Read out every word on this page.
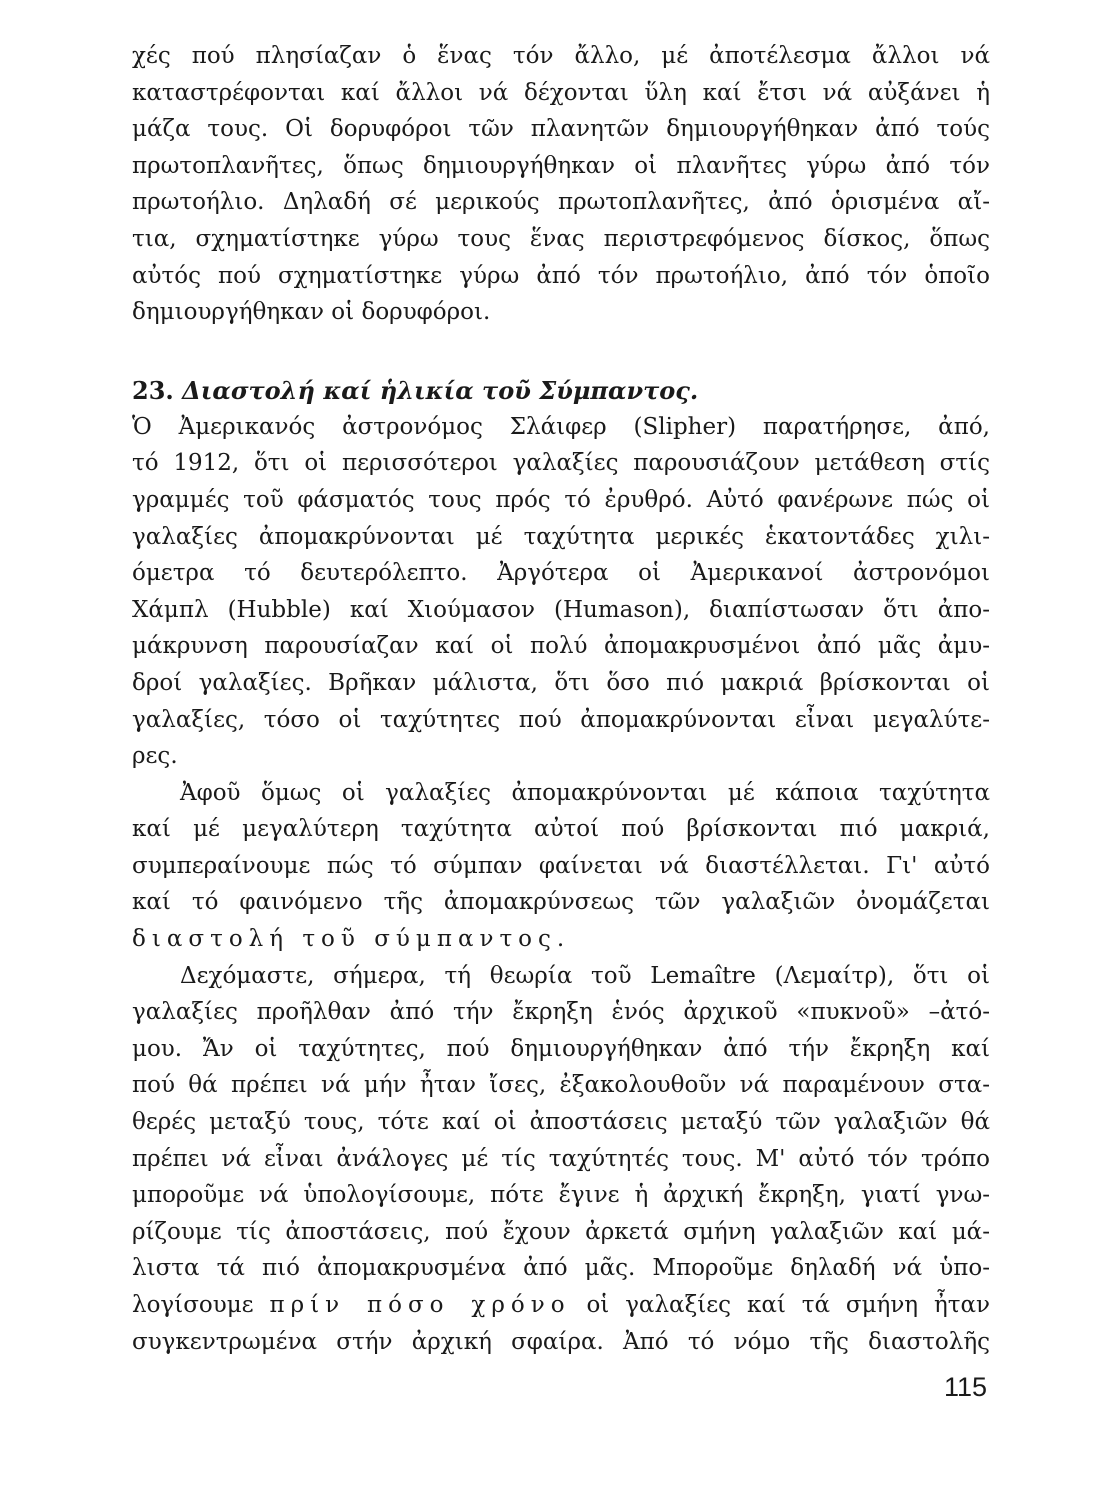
χές πού πλησίαζαν ὁ ἕνας τόν ἄλλο, μέ ἀποτέλεσμα ἄλλοι νά
καταστρέφονται καί ἄλλοι νά δέχονται ὕλη καί ἔτσι νά αὐξάνει ἡ
μάζα τους. Οἱ δορυφόροι τῶν πλανητῶν δημιουργήθηκαν ἀπό τούς
πρωτοπλανῆτες, ὅπως δημιουργήθηκαν οἱ πλανῆτες γύρω ἀπό τόν
πρωτοήλιο. Δηλαδή σέ μερικούς πρωτοπλανῆτες, ἀπό ὁρισμένα αἴ-
τια, σχηματίστηκε γύρω τους ἕνας περιστρεφόμενος δίσκος, ὅπως
αὐτός πού σχηματίστηκε γύρω ἀπό τόν πρωτοήλιο, ἀπό τόν ὁποῖο
δημιουργήθηκαν οἱ δορυφόροι.

23. Διαστολή καί ἡλικία τοῦ Σύμπαντος.

Ὁ Ἀμερικανός ἀστρονόμος Σλάιφερ (Slipher) παρατήρησε, ἀπό,
τό 1912, ὅτι οἱ περισσότεροι γαλαξίες παρουσιάζουν μετάθεση στίς
γραμμές τοῦ φάσματός τους πρός τό ἐρυθρό. Αὐτό φανέρωνε πώς οἱ
γαλαξίες ἀπομακρύνονται μέ ταχύτητα μερικές ἑκατοντάδες χιλι-
όμετρα τό δευτερόλεπτο. Ἀργότερα οἱ Ἀμερικανοί ἀστρονόμοι
Χάμπλ (Hubble) καί Χιούμασον (Humason), διαπίστωσαν ὅτι ἀπο-
μάκρυνση παρουσίαζαν καί οἱ πολύ ἀπομακρυσμένοι ἀπό μᾶς ἀμυ-
δροί γαλαξίες. Βρῆκαν μάλιστα, ὅτι ὅσο πιό μακριά βρίσκονται οἱ
γαλαξίες, τόσο οἱ ταχύτητες πού ἀπομακρύνονται εἶναι μεγαλύτε-
ρες.

Ἀφοῦ ὅμως οἱ γαλαξίες ἀπομακρύνονται μέ κάποια ταχύτητα
καί μέ μεγαλύτερη ταχύτητα αὐτοί πού βρίσκονται πιό μακριά,
συμπεραίνουμε πώς τό σύμπαν φαίνεται νά διαστέλλεται. Γι' αὐτό
καί τό φαινόμενο τῆς ἀπομακρύνσεως τῶν γαλαξιῶν ὀνομάζεται
διαστολή τοῦ σύμπαντος.

Δεχόμαστε, σήμερα, τή θεωρία τοῦ Lemaître (Λεμαίτρ), ὅτι οἱ
γαλαξίες προῆλθαν ἀπό τήν ἔκρηξη ἑνός ἀρχικοῦ «πυκνοῦ» –ἀτό-
μου. Ἄν οἱ ταχύτητες, πού δημιουργήθηκαν ἀπό τήν ἔκρηξη καί
πού θά πρέπει νά μήν ἦταν ἴσες, ἐξακολουθοῦν νά παραμένουν στα-
θερές μεταξύ τους, τότε καί οἱ ἀποστάσεις μεταξύ τῶν γαλαξιῶν θά
πρέπει νά εἶναι ἀνάλογες μέ τίς ταχύτητές τους. Μ' αὐτό τόν τρόπο
μποροῦμε νά ὑπολογίσουμε, πότε ἔγινε ἡ ἀρχική ἔκρηξη, γιατί γνω-
ρίζουμε τίς ἀποστάσεις, πού ἔχουν ἀρκετά σμήνη γαλαξιῶν καί μά-
λιστα τά πιό ἀπομακρυσμένα ἀπό μᾶς. Μποροῦμε δηλαδή νά ὑπο-
λογίσουμε πρίν πόσο χρόνο οἱ γαλαξίες καί τά σμήνη ἦταν
συγκεντρωμένα στήν ἀρχική σφαίρα. Ἀπό τό νόμο τῆς διαστολῆς

115
